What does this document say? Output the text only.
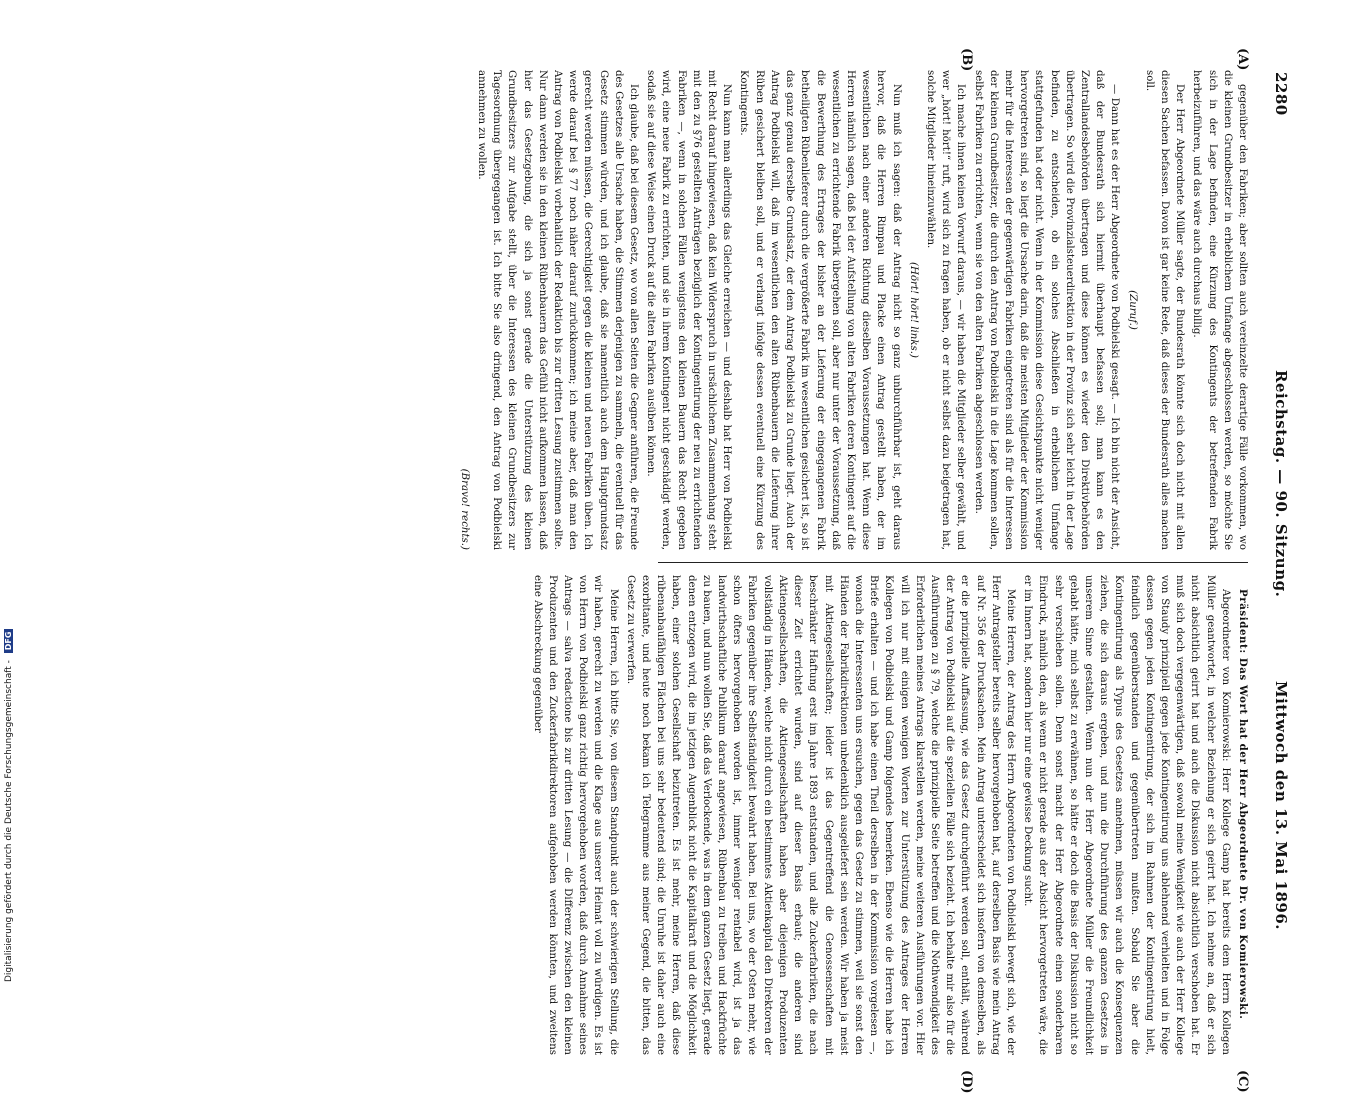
2280
Reichstag. — 90. Sitzung.
Mittwoch den 13. Mai 1896.
(A)
(B)
(C)
(D)

gegenüber den Fabriken; aber sollten auch vereinzelte derartige Fälle vorkommen, wo die kleinen Grundbesitzer in erheblichem Umfange abgeschlossen werden, so möchte Sie sich in der Lage befinden, eine Kürzung des Kontingents der betreffenden Fabrik herbeizuführen, und das wäre auch durchaus billig.

Der Herr Abgeordnete Müller sagte, der Bundesrath könnte sich doch nicht mit allen diesen Sachen befassen. Davon ist gar keine Rede, daß dieses der Bundesrath alles machen soll.

(Zuruf.)

— Dann hat es der Herr Abgeordnete von Podbielski gesagt. — Ich bin nicht der Ansicht, daß der Bundesrath sich hiermit überhaupt befassen soll; man kann es den Zentrallandesbehörden übertragen und diese können es wieder den Direktivbehörden übertragen. So wird die Provinzialsteuerdirektion in der Provinz sich sehr leicht in der Lage befinden, zu entscheiden, ob ein solches Abschließen in erheblichem Umfange stattgefunden hat oder nicht. Wenn in der Kommission diese Gesichtspunkte nicht weniger hervorgetreten sind, so liegt die Ursache darin, daß die meisten Mitglieder der Kommission mehr für die Interessen der gegenwärtigen Fabriken eingetreten sind als für die Interessen der kleinen Grundbesitzer, die durch den Antrag von Podbielski in die Lage kommen sollen, selbst Fabriken zu errichten, wenn sie von den alten Fabriken abgeschlossen werden.

Ich mache ihnen keinen Vorwurf daraus, — wir haben die Mitglieder selber gewählt, und wer „hört! hört!“ ruft, wird sich zu fragen haben, ob er nicht selbst dazu beigetragen hat, solche Mitglieder hineinzuwählen.

(Hört! hört! links.)

Nun muß ich sagen: daß der Antrag nicht so ganz unburchführbar ist, geht daraus hervor, daß die Herren Rimpau und Placke einen Antrag gestellt haben, der im wesentlichen nach einer anderen Richtung dieselben Voraussetzungen hat. Wenn diese Herren nämlich sagen, daß bei der Aufstellung von alten Fabriken deren Kontingent auf die wesentlichen zu errichtende Fabrik übergehen soll, aber nur unter der Voraussetzung, daß die Bewerthung des Ertrages der bisher an der Lieferung der eingegangenen Fabrik betheiligten Rübenlieferer durch die vergrößerte Fabrik im wesentlichen gesichert ist, so ist das ganz genau derselbe Grundsatz, der dem Antrag Podbielski zu Grunde liegt. Auch der Antrag Podbielski will, daß im wesentlichen den alten Rübenbauern die Lieferung ihrer Rüben gesichert bleiben soll, und er verlangt infolge dessen eventuell eine Kürzung des Kontingents.

Nun kann man allerdings das Gleiche erreichen — und deshalb hat Herr von Podbielski mit Recht darauf hingewiesen, daß kein Widerspruch in ursächlichem Zusammenhang steht mit den zu §76 gestellten Anträgen bezüglich der Kontingentirung der neu zu errichtenden Fabriken —, wenn in solchen Fällen wenigstens den kleinen Bauern das Recht gegeben wird, eine neue Fabrik zu errichten, und sie in ihrem Kontingent nicht geschädigt werden, sodaß sie auf diese Weise einen Druck auf die alten Fabriken ausüben können.

Ich glaube, daß bei diesem Gesetz, wo von allen Seiten die Gegner anführen, die Freunde des Gesetzes alle Ursache haben, die Stimmen derjenigen zu sammeln, die eventuell für das Gesetz stimmen würden, und ich glaube, daß sie namentlich auch dem Hauptgrundsatz gerecht werden müssen, die Gerechtigkeit gegen die kleinen und neuen Fabriken üben. Ich werde darauf bei § 77 noch näher darauf zurückkommen; ich meine aber, daß man den Antrag von Podbielski vorbehaltlich der Redaktion bis zur dritten Lesung zustimmen sollte. Nur dann werden sie in den kleinen Rübenbauern das Gefühl nicht aufkommen lassen, daß hier das Gesetzgebung, die sich ja sonst gerade die Unterstützung des kleinen Grundbesitzers zur Aufgabe stellt, über die Interessen des kleinen Grundbesitzers zur Tagesordnung übergegangen ist. Ich bitte Sie also dringend, den Antrag von Podbielski annehmen zu wollen.

(Bravo! rechts.)

Präsident: Das Wort hat der Herr Abgeordnete Dr. von Komierowski.

Abgeordneter von Komierowski: Herr Kollege Gamp hat bereits dem Herrn Kollegen Müller geantwortet, in welcher Beziehung er sich geirrt hat. Ich nehme an, daß er sich nicht absichtlich geirrt hat und auch die Diskussion nicht absichtlich verschoben hat. Er muß sich doch vergegenwärtigen, daß sowohl meine Wenigkeit wie auch der Herr Kollege von Staudy prinzipiell gegen jede Kontingentirung uns ablehnend verhielten und in Folge dessen gegen jeden Kontingentirung, der sich im Rahmen der Kontingentirung hielt, feindlich gegenüberstanden und gegenübertreten mußten. Sobald Sie aber die Kontingentirung als Typus des Gesetzes annehmen, müssen wir auch die Konsequenzen ziehen, die sich daraus ergeben, und nun die Durchführung des ganzen Gesetzes in unserem Sinne gestalten. Wenn nun der Herr Abgeordnete Müller die Freundlichkeit gehabt hätte, mich selbst zu erwähnen, so hätte er doch die Basis der Diskussion nicht so sehr verschieben sollen. Denn sonst macht der Herr Abgeordnete einen sonderbaren Eindruck, nämlich den, als wenn er nicht gerade aus der Absicht hervorgetreten wäre, die er im Innern hat, sondern hier nur eine gewisse Deckung sucht.

Meine Herren, der Antrag des Herrn Abgeordneten von Podbielski bewegt sich, wie der Herr Antragsteller bereits selber hervorgehoben hat, auf derselben Basis wie mein Antrag auf Nr. 356 der Drucksachen. Mein Antrag unterscheidet sich insofern von demselben, als er die prinzipielle Auffassung, wie das Gesetz durchgeführt werden soll, enthält, während der Antrag von Podbielski auf die speziellen Fälle sich bezieht. Ich behalte mir also für die Ausführungen zu § 79, welche die prinzipielle Seite betreffen und die Nothwendigkeit des Erforderlichen meines Antrags klarstellen werden, meine weiteren Ausführungen vor. Hier will ich nur mit einigen wenigen Worten zur Unterstützung des Antrages der Herren Kollegen von Podbielski und Gamp folgendes bemerken. Ebenso wie die Herren habe ich Briefe erhalten — und ich habe einen Theil derselben in der Kommission vorgelesen —, wonach die Interessenten uns ersuchen, gegen das Gesetz zu stimmen, weil sie sonst den Händen der Fabrikdirektionen unbedenklich ausgeliefert sein werden. Wir haben ja meist mit Aktiengesellschaften; leider ist das Gegentreffend die Genossenschaften mit beschränkter Haftung erst im Jahre 1893 entstanden, und alle Zuckerfabriken, die nach dieser Zeit errichtet wurden, sind auf dieser Basis erbaut; die anderen sind Aktiengesellschaften, die Aktiengesellschaften haben aber diejenigen Produzenten vollständig in Händen, welche nicht durch ein bestimmtes Aktienkapital den Direktoren der Fabriken gegenüber ihre Selbständigkeit bewahrt haben. Bei uns, wo der Osten mehr, wie schon öfters hervorgehoben worden ist, immer weniger rentabel wird, ist ja das landwirthschaftliche Publikum darauf angewiesen, Rübenbau zu treiben und Hackfrüchte zu bauen, und nun wollen Sie, daß das Verlockende, was in dem ganzen Gesetz liegt, gerade denen entzogen wird, die im jetzigen Augenblick nicht die Kapitalkraft und die Möglichkeit haben, einer solchen Gesellschaft beizutreten. Es ist mehr, meine Herren, daß diese rübenanbaufähigen Flächen bei uns sehr bedeutend sind; die Unruhe ist daher auch eine exorbitante, und heute noch bekam ich Telegramme aus meiner Gegend, die bitten, das Gesetz zu verwerfen.

Meine Herren, ich bitte Sie, von diesem Standpunkt auch der schwierigen Stellung, die wir haben, gerecht zu werden und die Klage aus unserer Heimat voll zu würdigen. Es ist von Herrn von Podbielski ganz richtig hervorgehoben worden, daß durch Annahme seines Antrags — salva redactione bis zur dritten Lesung — die Differenz zwischen den kleinen Produzenten und den Zuckerfabrikdirektoren aufgehoben werden könnten, und zweitens eine Abschreckung gegenüber

Digitalisierung gefördert durch die Deutsche Forschungsgemeinschaft - DFG
